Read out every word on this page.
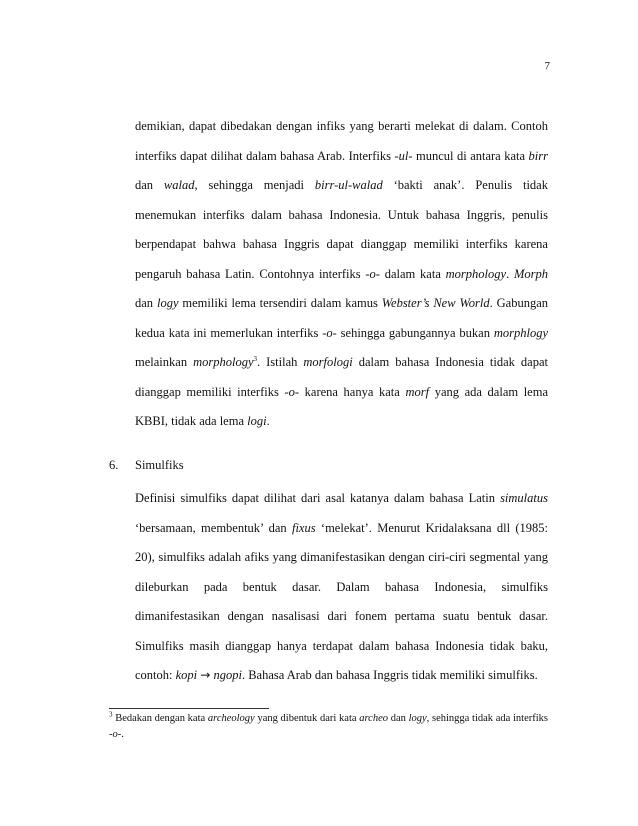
7
demikian, dapat dibedakan dengan infiks yang berarti melekat di dalam. Contoh interfiks dapat dilihat dalam bahasa Arab. Interfiks -ul- muncul di antara kata birr dan walad, sehingga menjadi birr-ul-walad ‘bakti anak’. Penulis tidak menemukan interfiks dalam bahasa Indonesia. Untuk bahasa Inggris, penulis berpendapat bahwa bahasa Inggris dapat dianggap memiliki interfiks karena pengaruh bahasa Latin. Contohnya interfiks -o- dalam kata morphology. Morph dan logy memiliki lema tersendiri dalam kamus Webster’s New World. Gabungan kedua kata ini memerlukan interfiks -o- sehingga gabungannya bukan morphlogy melainkan morphology$^3$. Istilah morfologi dalam bahasa Indonesia tidak dapat dianggap memiliki interfiks -o- karena hanya kata morf yang ada dalam lema KBBI, tidak ada lema logi.
6. Simulfiks
Definisi simulfiks dapat dilihat dari asal katanya dalam bahasa Latin simulatus ‘bersamaan, membentuk’ dan fixus ‘melekat’. Menurut Kridalaksana dll (1985: 20), simulfiks adalah afiks yang dimanifestasikan dengan ciri-ciri segmental yang dileburkan pada bentuk dasar. Dalam bahasa Indonesia, simulfiks dimanifestasikan dengan nasalisasi dari fonem pertama suatu bentuk dasar. Simulfiks masih dianggap hanya terdapat dalam bahasa Indonesia tidak baku, contoh: kopi → ngopi. Bahasa Arab dan bahasa Inggris tidak memiliki simulfiks.
$^3$ Bedakan dengan kata archeology yang dibentuk dari kata archeo dan logy, sehingga tidak ada interfiks -o-.
